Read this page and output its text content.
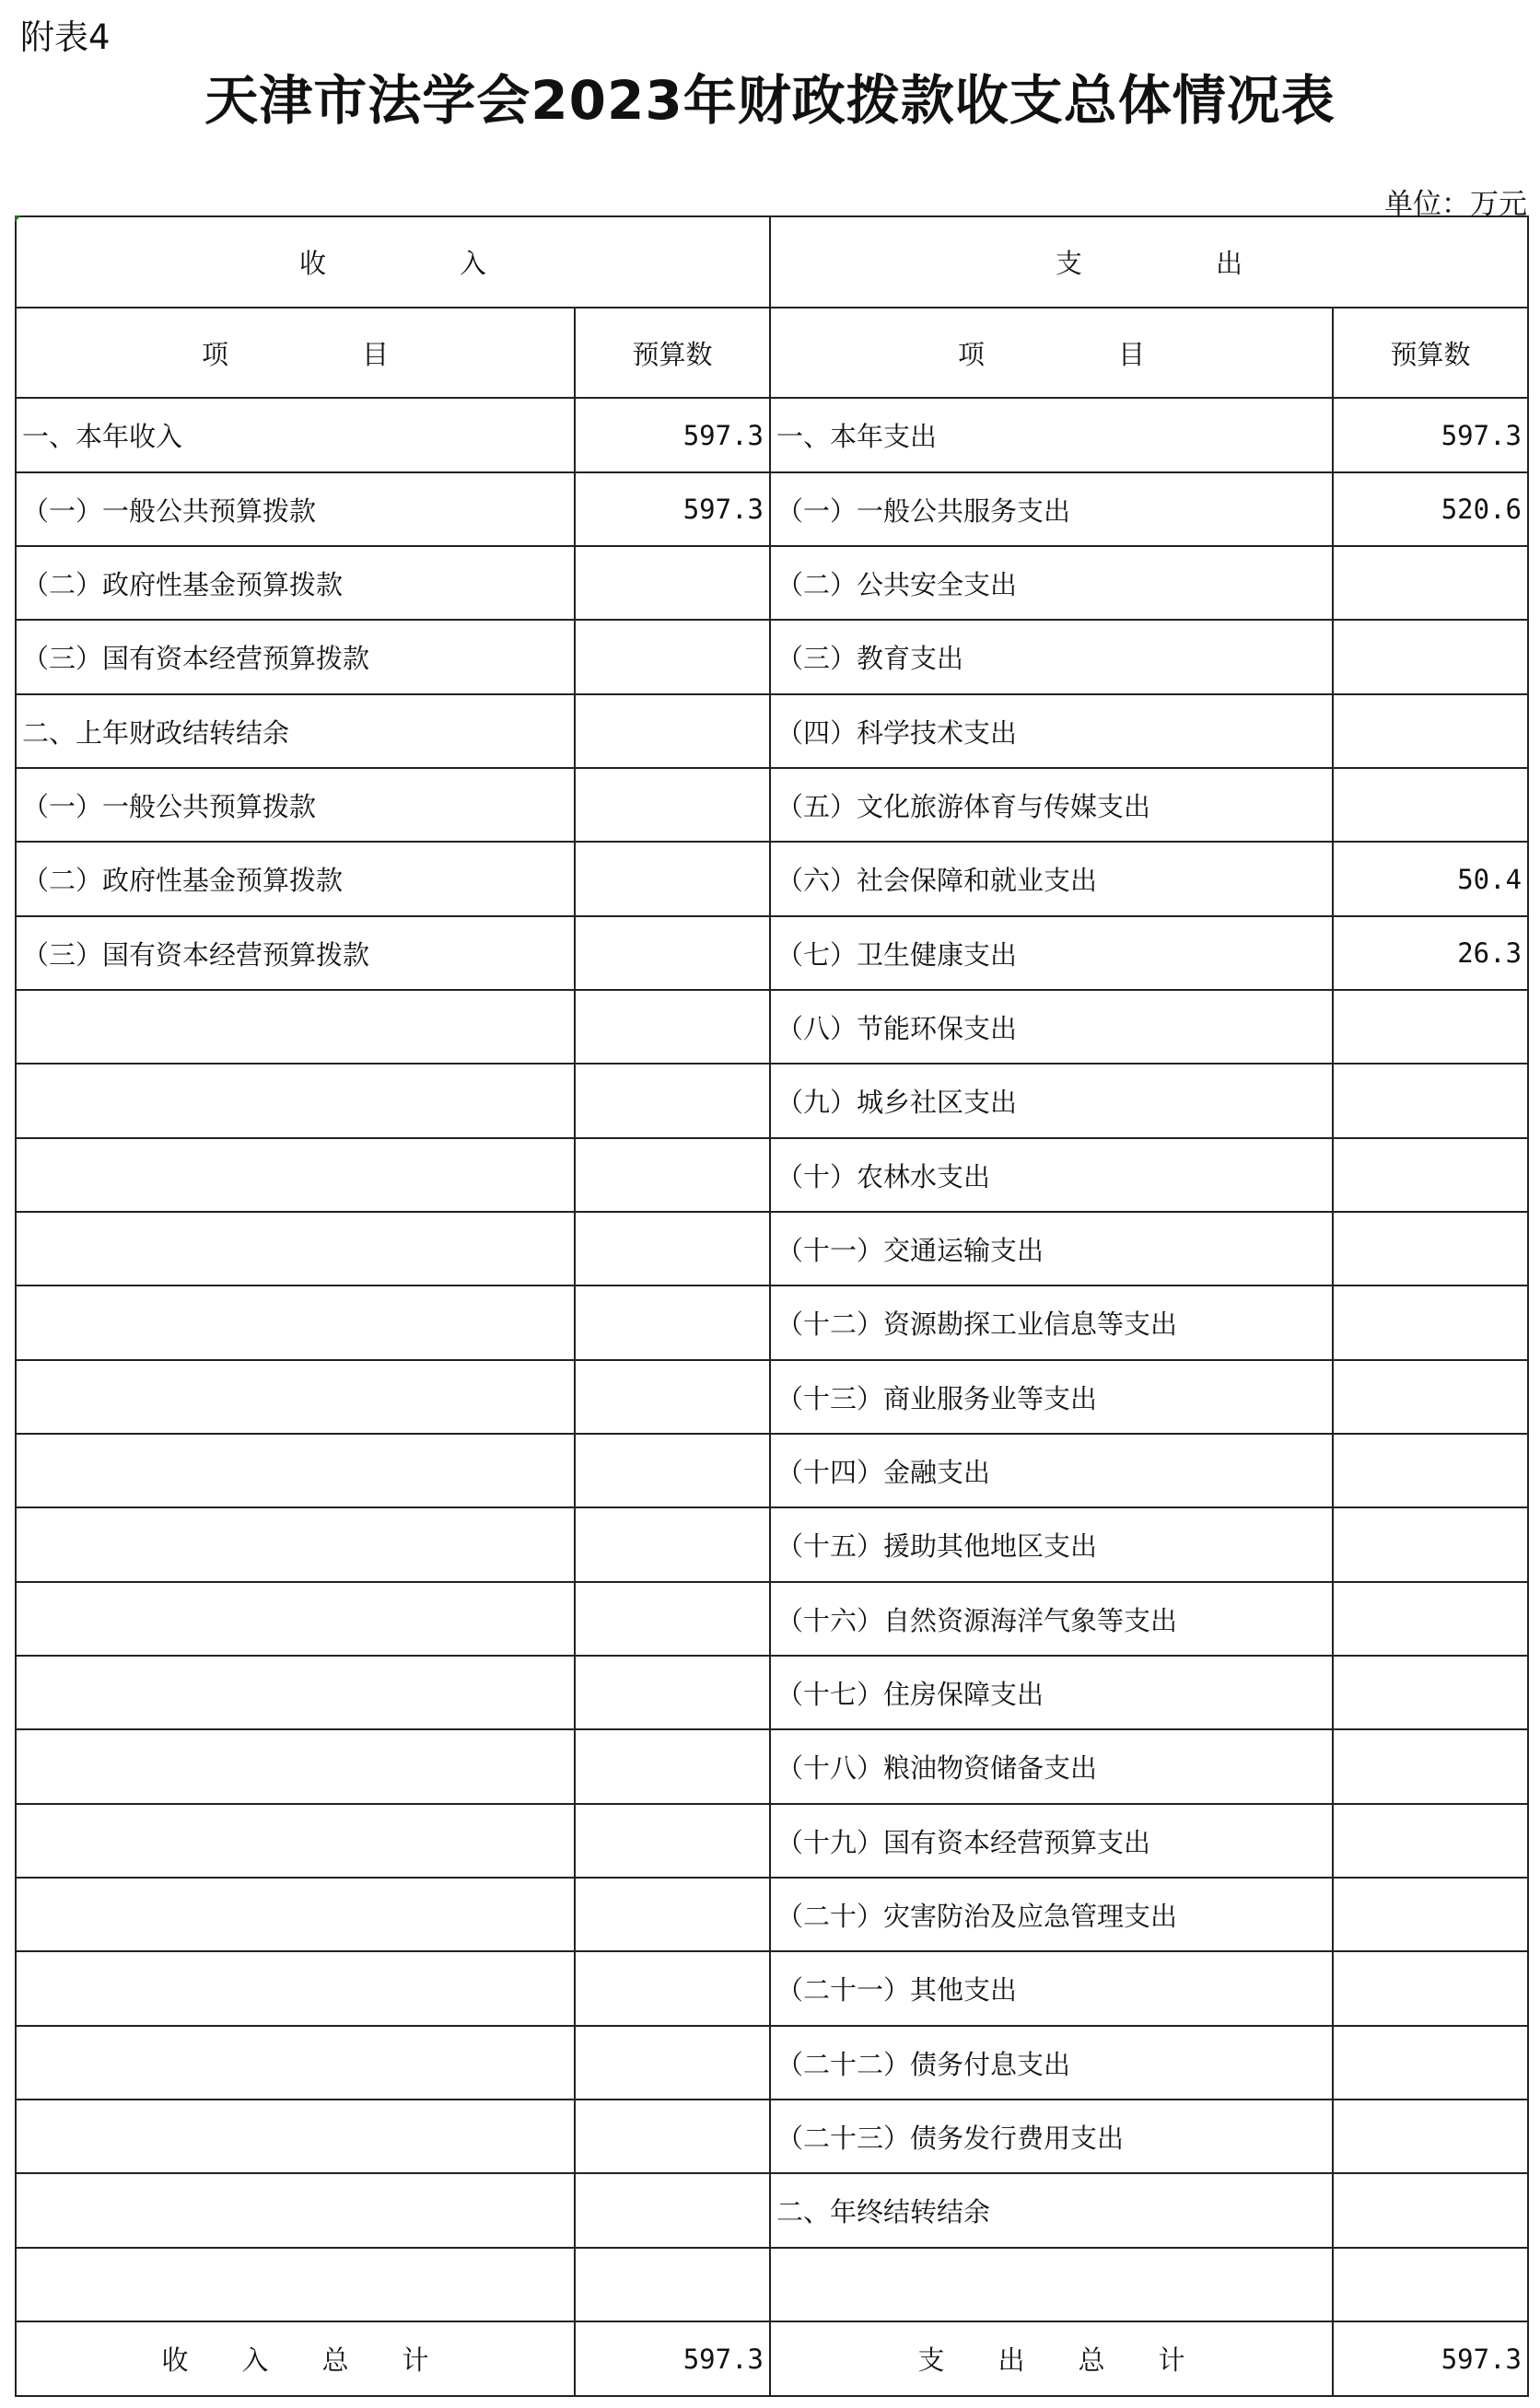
附表4
天津市法学会2023年财政拨款收支总体情况表
单位：万元
收　　　　　入		支　　　　　出	
项　　　　　目	预算数	项　　　　　目	预算数
一、本年收入	597.3	一、本年支出	597.3
（一）一般公共预算拨款	597.3	（一）一般公共服务支出	520.6
（二）政府性基金预算拨款		（二）公共安全支出	
（三）国有资本经营预算拨款		（三）教育支出	
二、上年财政结转结余		（四）科学技术支出	
（一）一般公共预算拨款		（五）文化旅游体育与传媒支出	
（二）政府性基金预算拨款		（六）社会保障和就业支出	50.4
（三）国有资本经营预算拨款		（七）卫生健康支出	26.3
		（八）节能环保支出	
		（九）城乡社区支出	
		（十）农林水支出	
		（十一）交通运输支出	
		（十二）资源勘探工业信息等支出	
		（十三）商业服务业等支出	
		（十四）金融支出	
		（十五）援助其他地区支出	
		（十六）自然资源海洋气象等支出	
		（十七）住房保障支出	
		（十八）粮油物资储备支出	
		（十九）国有资本经营预算支出	
		（二十）灾害防治及应急管理支出	
		（二十一）其他支出	
		（二十二）债务付息支出	
		（二十三）债务发行费用支出	
		二、年终结转结余	

收　　入　　总　　计	597.3	支　　出　　总　　计	597.3
